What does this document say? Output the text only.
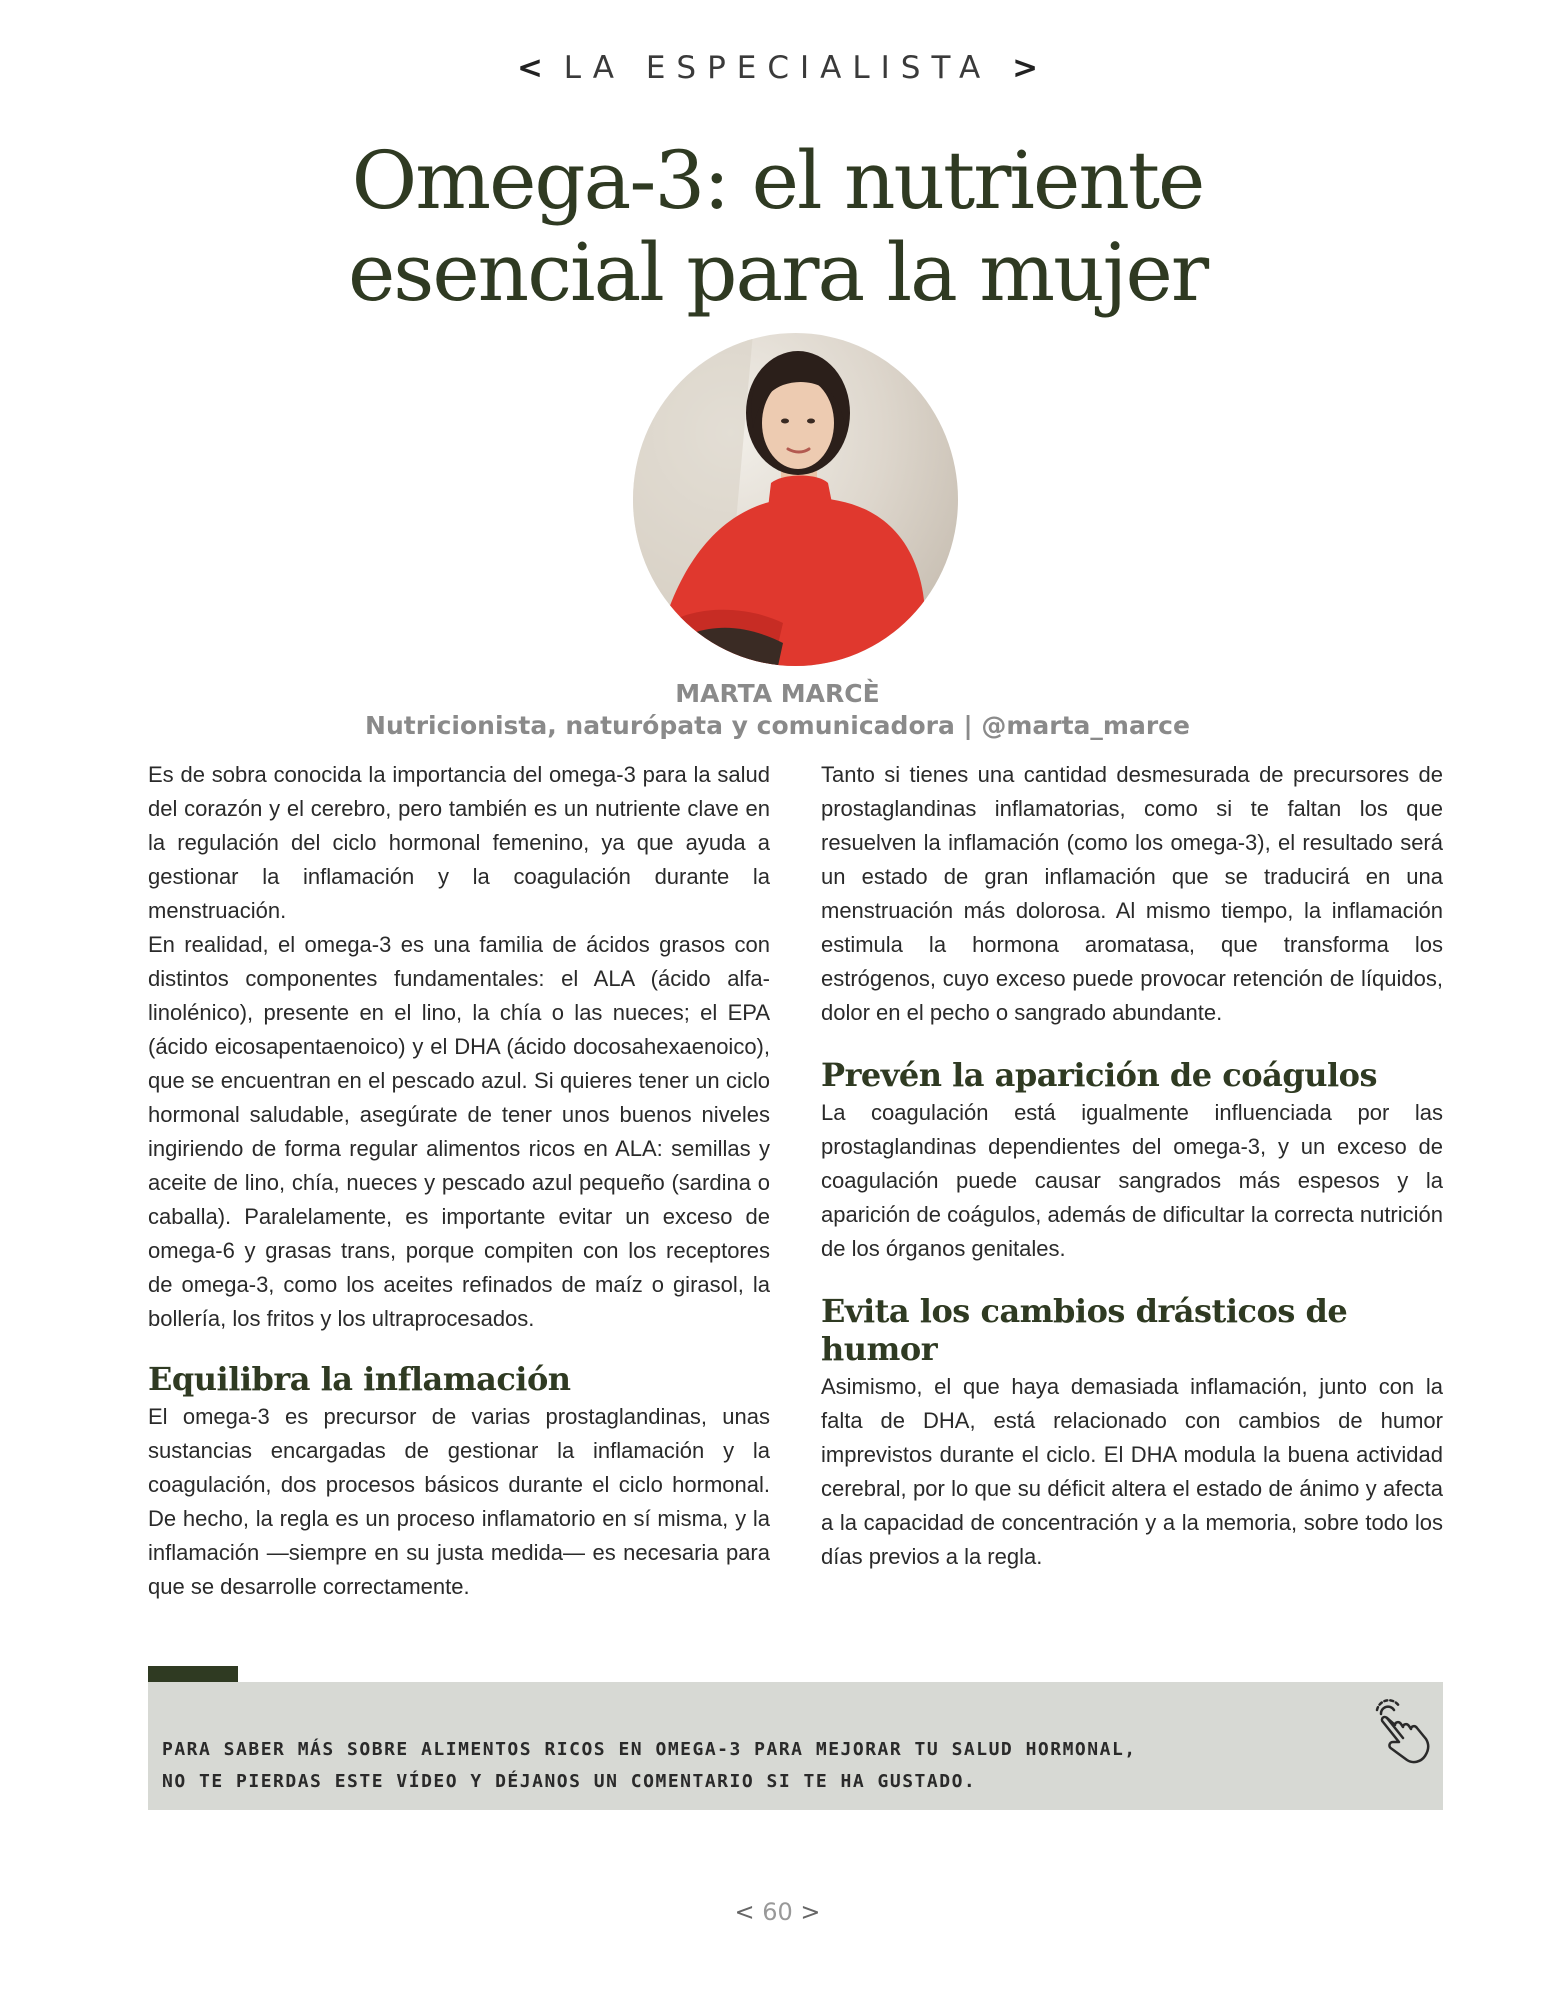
< LA ESPECIALISTA >
Omega-3: el nutriente
esencial para la mujer
MARTA MARCÈ
Nutricionista, naturópata y comunicadora | @marta_marce

Es de sobra conocida la importancia del omega-3 para la salud del corazón y el cerebro, pero también es un nutriente clave en la regulación del ciclo hormonal femenino, ya que ayuda a gestionar la inflamación y la coagulación durante la menstruación.

En realidad, el omega-3 es una familia de ácidos grasos con distintos componentes fundamentales: el ALA (ácido alfa-linolénico), presente en el lino, la chía o las nueces; el EPA (ácido eicosapentaenoico) y el DHA (ácido docosahexaenoico), que se encuentran en el pescado azul. Si quieres tener un ciclo hormonal saludable, asegúrate de tener unos buenos niveles ingiriendo de forma regular alimentos ricos en ALA: semillas y aceite de lino, chía, nueces y pescado azul pequeño (sardina o caballa). Paralelamente, es importante evitar un exceso de omega-6 y grasas trans, porque compiten con los receptores de omega-3, como los aceites refinados de maíz o girasol, la bollería, los fritos y los ultraprocesados.

Equilibra la inflamación

El omega-3 es precursor de varias prostaglandinas, unas sustancias encargadas de gestionar la inflamación y la coagulación, dos procesos básicos durante el ciclo hormonal. De hecho, la regla es un proceso inflamatorio en sí misma, y la inflamación —siempre en su justa medida— es necesaria para que se desarrolle correctamente.

Tanto si tienes una cantidad desmesurada de precursores de prostaglandinas inflamatorias, como si te faltan los que resuelven la inflamación (como los omega-3), el resultado será un estado de gran inflamación que se traducirá en una menstruación más dolorosa. Al mismo tiempo, la inflamación estimula la hormona aromatasa, que transforma los estrógenos, cuyo exceso puede provocar retención de líquidos, dolor en el pecho o sangrado abundante.

Prevén la aparición de coágulos

La coagulación está igualmente influenciada por las prostaglandinas dependientes del omega-3, y un exceso de coagulación puede causar sangrados más espesos y la aparición de coágulos, además de dificultar la correcta nutrición de los órganos genitales.

Evita los cambios drásticos de humor

Asimismo, el que haya demasiada inflamación, junto con la falta de DHA, está relacionado con cambios de humor imprevistos durante el ciclo. El DHA modula la buena actividad cerebral, por lo que su déficit altera el estado de ánimo y afecta a la capacidad de concentración y a la memoria, sobre todo los días previos a la regla.

PARA SABER MÁS SOBRE ALIMENTOS RICOS EN OMEGA-3 PARA MEJORAR TU SALUD HORMONAL,
NO TE PIERDAS ESTE VÍDEO Y DÉJANOS UN COMENTARIO SI TE HA GUSTADO.
< 60 >
